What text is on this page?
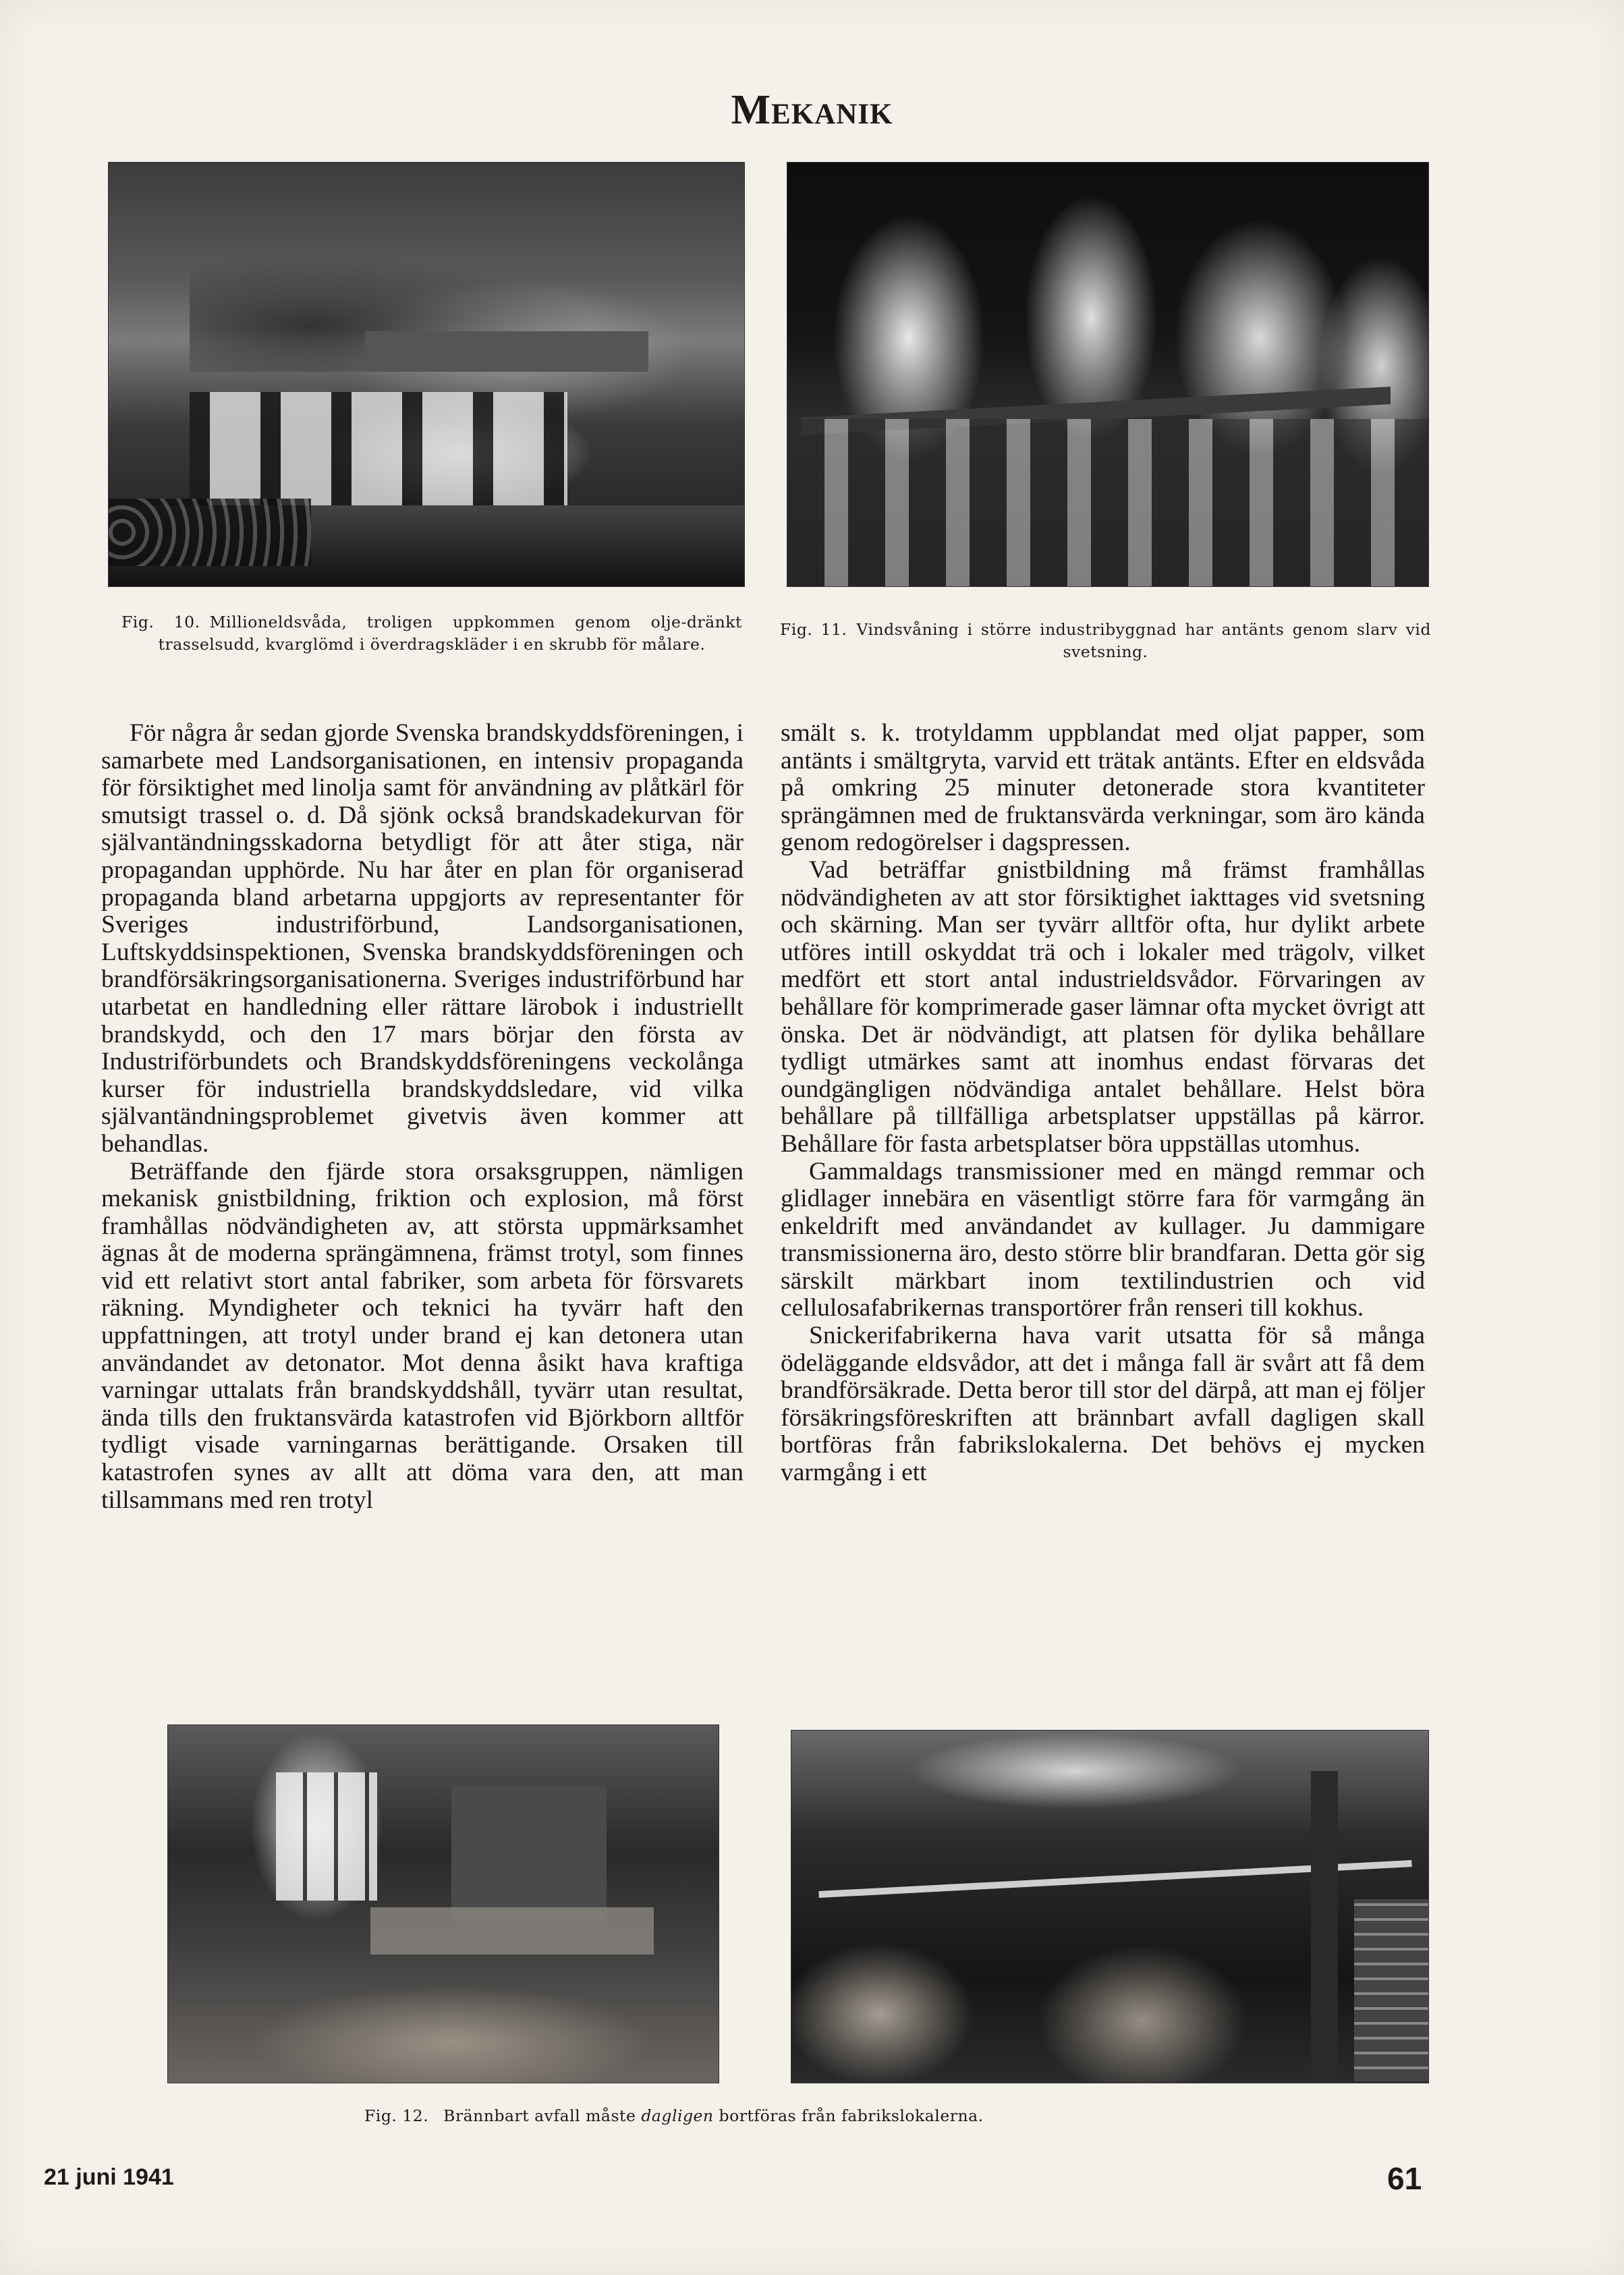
Mekanik
Fig. 10. Millioneldsvåda, troligen uppkommen genom olje-dränkt trasselsudd, kvarglömd i överdragskläder i en skrubb för målare.
Fig. 11. Vindsvåning i större industribyggnad har antänts genom slarv vid svetsning.

För några år sedan gjorde Svenska brandskyddsföreningen, i samarbete med Landsorganisationen, en intensiv propaganda för försiktighet med linolja samt för användning av plåtkärl för smutsigt trassel o. d. Då sjönk också brandskadekurvan för självantändningsskadorna betydligt för att åter stiga, när propagandan upphörde. Nu har åter en plan för organiserad propaganda bland arbetarna uppgjorts av representanter för Sveriges industriförbund, Landsorganisationen, Luftskyddsinspektionen, Svenska brandskyddsföreningen och brandförsäkringsorganisationerna. Sveriges industriförbund har utarbetat en handledning eller rättare lärobok i industriellt brandskydd, och den 17 mars börjar den första av Industriförbundets och Brandskyddsföreningens veckolånga kurser för industriella brandskyddsledare, vid vilka självantändningsproblemet givetvis även kommer att behandlas.

Beträffande den fjärde stora orsaksgruppen, nämligen mekanisk gnistbildning, friktion och explosion, må först framhållas nödvändigheten av, att största uppmärksamhet ägnas åt de moderna sprängämnena, främst trotyl, som finnes vid ett relativt stort antal fabriker, som arbeta för försvarets räkning. Myndigheter och teknici ha tyvärr haft den uppfattningen, att trotyl under brand ej kan detonera utan användandet av detonator. Mot denna åsikt hava kraftiga varningar uttalats från brandskyddshåll, tyvärr utan resultat, ända tills den fruktansvärda katastrofen vid Björkborn alltför tydligt visade varningarnas berättigande. Orsaken till katastrofen synes av allt att döma vara den, att man tillsammans med ren trotyl

smält s. k. trotyldamm uppblandat med oljat papper, som antänts i smältgryta, varvid ett trätak antänts. Efter en eldsvåda på omkring 25 minuter detonerade stora kvantiteter sprängämnen med de fruktansvärda verkningar, som äro kända genom redogörelser i dagspressen.

Vad beträffar gnistbildning må främst framhållas nödvändigheten av att stor försiktighet iakttages vid svetsning och skärning. Man ser tyvärr alltför ofta, hur dylikt arbete utföres intill oskyddat trä och i lokaler med trägolv, vilket medfört ett stort antal industrieldsvådor. Förvaringen av behållare för komprimerade gaser lämnar ofta mycket övrigt att önska. Det är nödvändigt, att platsen för dylika behållare tydligt utmärkes samt att inomhus endast förvaras det oundgängligen nödvändiga antalet behållare. Helst böra behållare på tillfälliga arbetsplatser uppställas på kärror. Behållare för fasta arbetsplatser böra uppställas utomhus.

Gammaldags transmissioner med en mängd remmar och glidlager innebära en väsentligt större fara för varmgång än enkeldrift med användandet av kullager. Ju dammigare transmissionerna äro, desto större blir brandfaran. Detta gör sig särskilt märkbart inom textilindustrien och vid cellulosafabrikernas transportörer från renseri till kokhus.

Snickerifabrikerna hava varit utsatta för så många ödeläggande eldsvådor, att det i många fall är svårt att få dem brandförsäkrade. Detta beror till stor del därpå, att man ej följer försäkringsföreskriften att brännbart avfall dagligen skall bortföras från fabrikslokalerna. Det behövs ej mycken varmgång i ett

Fig. 12. Brännbart avfall måste dagligen bortföras från fabrikslokalerna.
21 juni 1941	61
